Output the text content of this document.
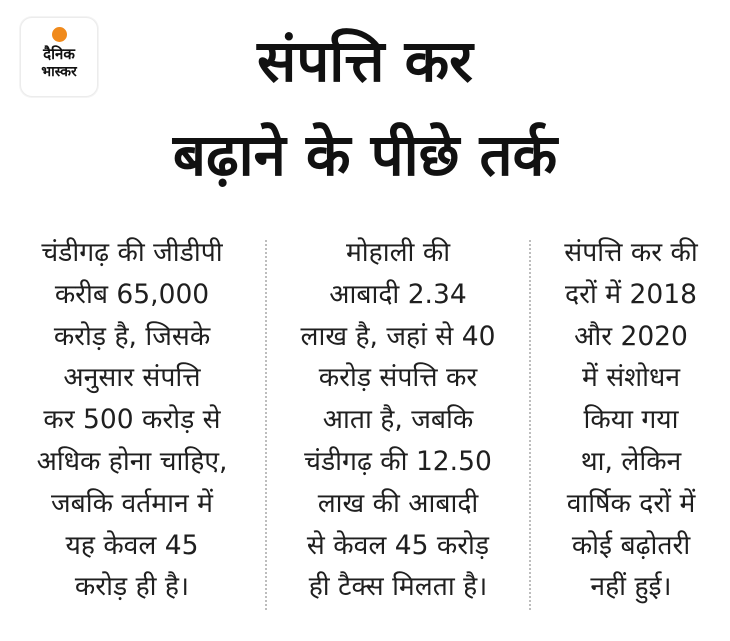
दैनिक
भास्कर	संपत्ति कर
बढ़ाने के पीछे तर्क
चंडीगढ़ की जीडीपी
करीब 65,000
करोड़ है, जिसके
अनुसार संपत्ति
कर 500 करोड़ से
अधिक होना चाहिए,
जबकि वर्तमान में
यह केवल 45
करोड़ ही है।
मोहाली की
आबादी 2.34
लाख है, जहां से 40
करोड़ संपत्ति कर
आता है, जबकि
चंडीगढ़ की 12.50
लाख की आबादी
से केवल 45 करोड़
ही टैक्स मिलता है।
संपत्ति कर की
दरों में 2018
और 2020
में संशोधन
किया गया
था, लेकिन
वार्षिक दरों में
कोई बढ़ोतरी
नहीं हुई।
